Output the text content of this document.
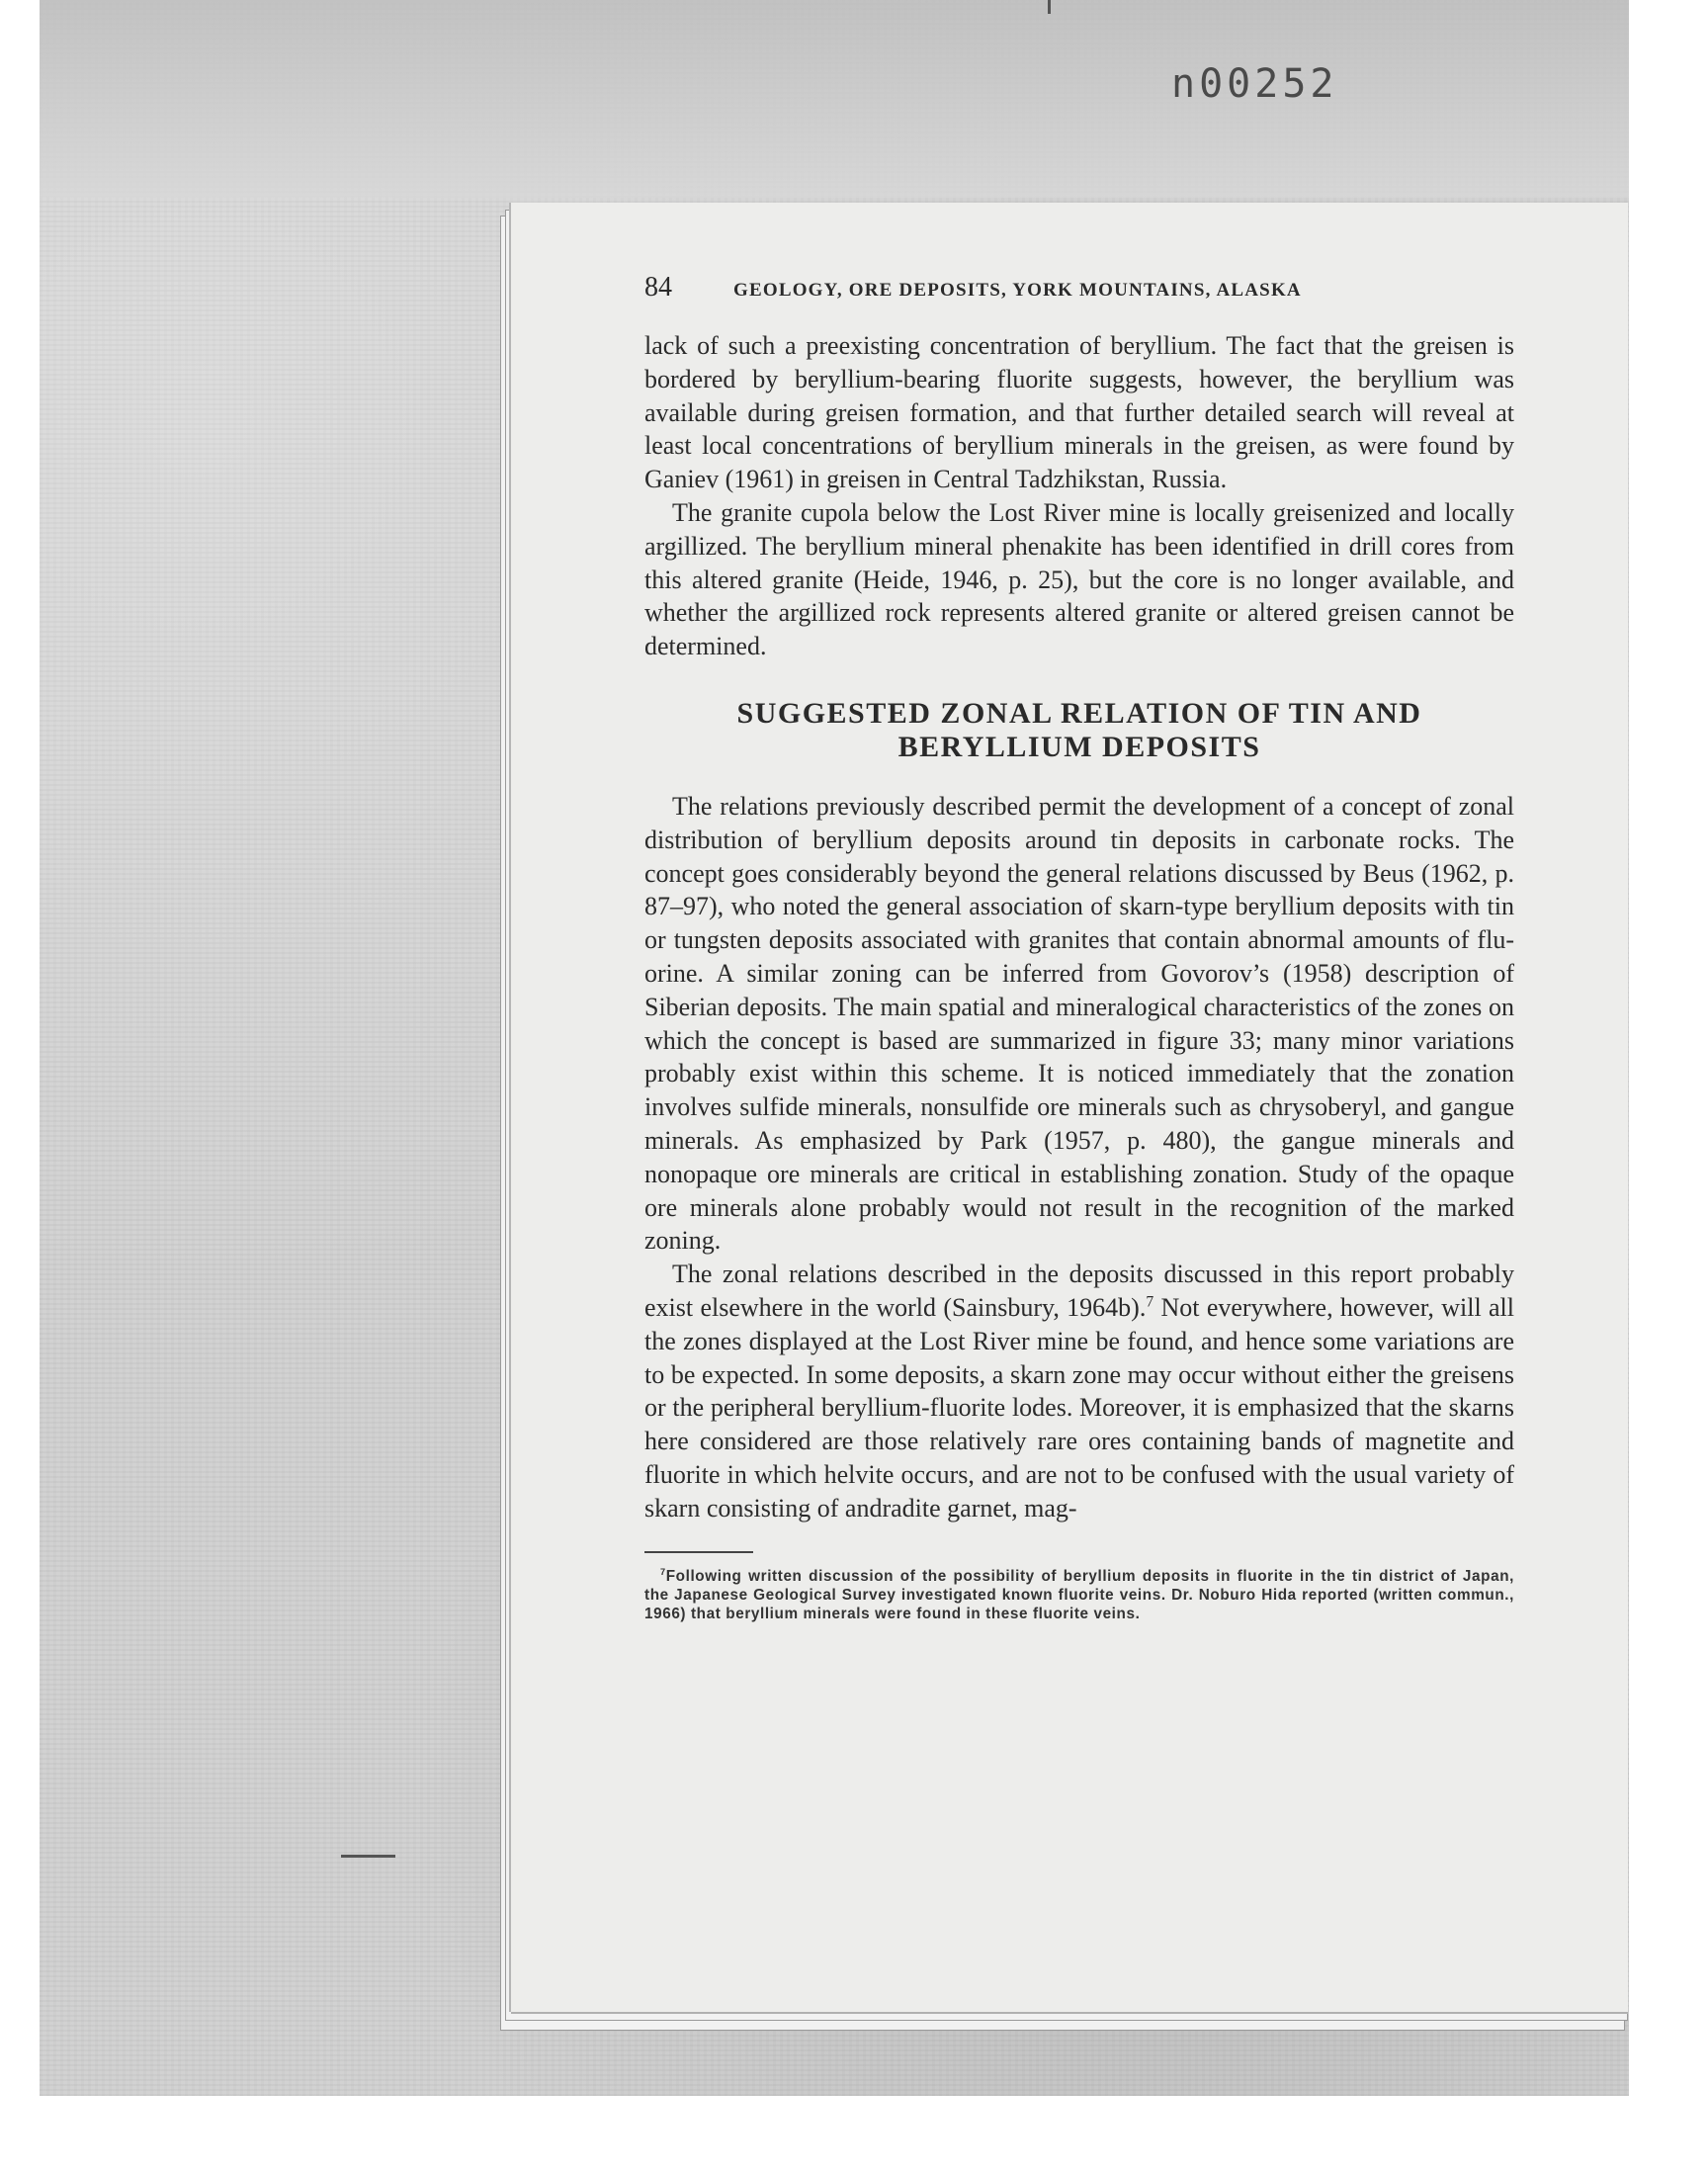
n00252
84	GEOLOGY, ORE DEPOSITS, YORK MOUNTAINS, ALASKA

lack of such a preexisting concentration of beryllium. The fact that the greisen is bordered by beryllium-bearing fluorite suggests, however, the beryllium was available during greisen formation, and that further detailed search will reveal at least local concentrations of beryllium minerals in the greisen, as were found by Ganiev (1961) in greisen in Central Tadzhikstan, Russia.

The granite cupola below the Lost River mine is locally greisenized and locally argillized. The beryllium mineral phenakite has been identified in drill cores from this altered granite (Heide, 1946, p. 25), but the core is no longer available, and whether the argillized rock represents altered granite or altered greisen cannot be determined.

SUGGESTED ZONAL RELATION OF TIN AND BERYLLIUM DEPOSITS

The relations previously described permit the development of a concept of zonal distribution of beryllium deposits around tin deposits in carbonate rocks. The concept goes considerably beyond the general relations discussed by Beus (1962, p. 87–97), who noted the general association of skarn-type beryllium deposits with tin or tungsten deposits associated with granites that contain abnormal amounts of fluorine. A similar zoning can be inferred from Govorov’s (1958) description of Siberian deposits. The main spatial and mineralogical characteristics of the zones on which the concept is based are summarized in figure 33; many minor variations probably exist within this scheme. It is noticed immediately that the zonation involves sulfide minerals, nonsulfide ore minerals such as chrysoberyl, and gangue minerals. As emphasized by Park (1957, p. 480), the gangue minerals and nonopaque ore minerals are critical in establishing zonation. Study of the opaque ore minerals alone probably would not result in the recognition of the marked zoning.

The zonal relations described in the deposits discussed in this report probably exist elsewhere in the world (Sainsbury, 1964b).$^7$ Not everywhere, however, will all the zones displayed at the Lost River mine be found, and hence some variations are to be expected. In some deposits, a skarn zone may occur without either the greisens or the peripheral beryllium-fluorite lodes. Moreover, it is emphasized that the skarns here considered are those relatively rare ores containing bands of magnetite and fluorite in which helvite occurs, and are not to be confused with the usual variety of skarn consisting of andradite garnet, mag-

$^7$Following written discussion of the possibility of beryllium deposits in fluorite in the tin district of Japan, the Japanese Geological Survey investigated known fluorite veins. Dr. Noburo Hida reported (written commun., 1966) that beryllium minerals were found in these fluorite veins.
